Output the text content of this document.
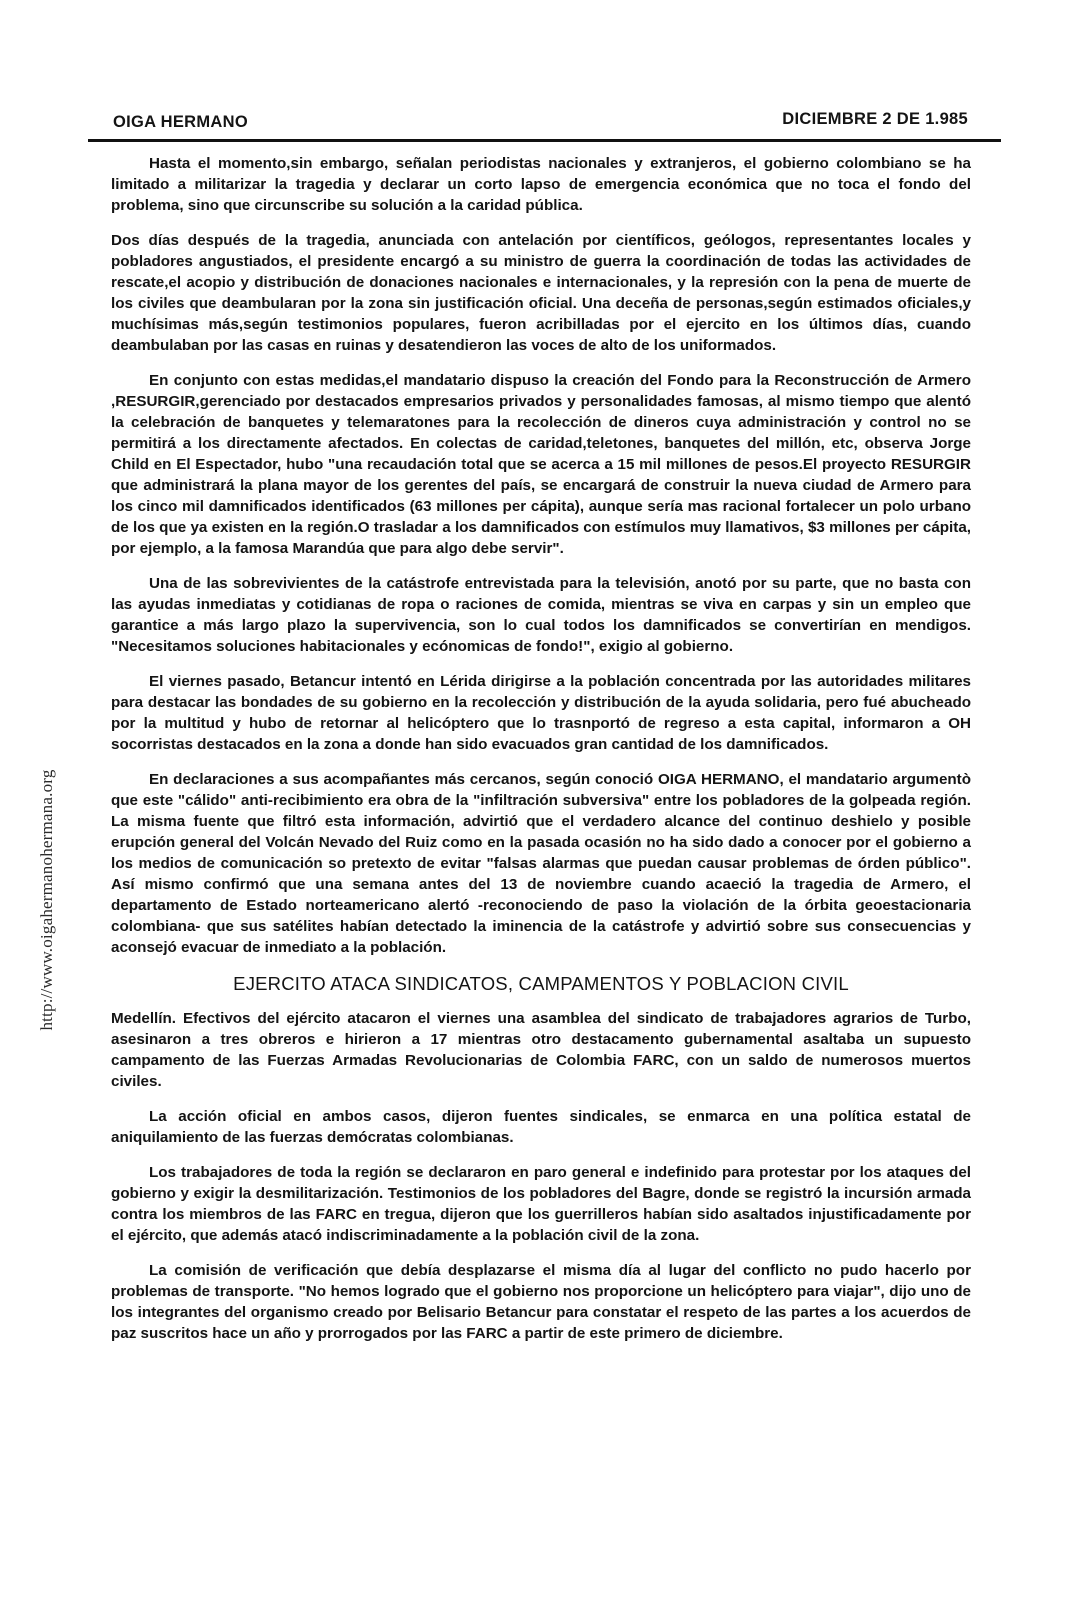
http://www.oigahermanohermana.org
OIGA HERMANO	DICIEMBRE 2 DE 1.985

Hasta el momento,sin embargo, señalan periodistas nacionales y extranjeros, el gobierno colombiano se ha limitado a militarizar la tragedia y declarar un corto lapso de emergencia económica que no toca el fondo del problema, sino que circunscribe su solución a la caridad pública.

Dos días después de la tragedia, anunciada con antelación por científicos, geólogos, representantes locales y pobladores angustiados, el presidente encargó a su ministro de guerra la coordinación de todas las actividades de rescate,el acopio y distribución de donaciones nacionales e internacionales, y la represión con la pena de muerte de los civiles que deambularan por la zona sin justificación oficial. Una deceña de personas,según estimados oficiales,y muchísimas más,según testimonios populares, fueron acribilladas por el ejercito en los últimos días, cuando deambulaban por las casas en ruinas y desatendieron las voces de alto de los uniformados.

En conjunto con estas medidas,el mandatario dispuso la creación del Fondo para la Reconstrucción de Armero ,RESURGIR,gerenciado por destacados empresarios privados y personalidades famosas, al mismo tiempo que alentó la celebración de banquetes y telemaratones para la recolección de dineros cuya administración y control no se permitirá a los directamente afectados. En colectas de caridad,teletones, banquetes del millón, etc, observa Jorge Child en El Espectador, hubo "una recaudación total que se acerca a 15 mil millones de pesos.El proyecto RESURGIR que administrará la plana mayor de los gerentes del país, se encargará de construir la nueva ciudad de Armero para los cinco mil damnificados identificados (63 millones per cápita), aunque sería mas racional fortalecer un polo urbano de los que ya existen en la región.O trasladar a los damnificados con estímulos muy llamativos, $3 millones per cápita, por ejemplo, a la famosa Marandúa que para algo debe servir".

Una de las sobrevivientes de la catástrofe entrevistada para la televisión, anotó por su parte, que no basta con las ayudas inmediatas y cotidianas de ropa o raciones de comida, mientras se viva en carpas y sin un empleo que garantice a más largo plazo la supervivencia, son lo cual todos los damnificados se convertirían en mendigos. "Necesitamos soluciones habitacionales y ecónomicas de fondo!", exigio al gobierno.

El viernes pasado, Betancur intentó en Lérida dirigirse a la población concentrada por las autoridades militares para destacar las bondades de su gobierno en la recolección y distribución de la ayuda solidaria, pero fué abucheado por la multitud y hubo de retornar al helicóptero que lo trasnportó de regreso a esta capital, informaron a OH socorristas destacados en la zona a donde han sido evacuados gran cantidad de los damnificados.

En declaraciones a sus acompañantes más cercanos, según conoció OIGA HERMANO, el mandatario argumentò que este "cálido" anti-recibimiento era obra de la "infiltración subversiva" entre los pobladores de la golpeada región. La misma fuente que filtró esta información, advirtió que el verdadero alcance del continuo deshielo y posible erupción general del Volcán Nevado del Ruiz como en la pasada ocasión no ha sido dado a conocer por el gobierno a los medios de comunicación so pretexto de evitar "falsas alarmas que puedan causar problemas de órden público". Así mismo confirmó que una semana antes del 13 de noviembre cuando acaeció la tragedia de Armero, el departamento de Estado norteamericano alertó -reconociendo de paso la violación de la órbita geoestacionaria colombiana- que sus satélites habían detectado la iminencia de la catástrofe y advirtió sobre sus consecuencias y aconsejó evacuar de inmediato a la población.

EJERCITO ATACA SINDICATOS, CAMPAMENTOS Y POBLACION CIVIL

Medellín. Efectivos del ejército atacaron el viernes una asamblea del sindicato de trabajadores agrarios de Turbo, asesinaron a tres obreros e hirieron a 17 mientras otro destacamento gubernamental asaltaba un supuesto campamento de las Fuerzas Armadas Revolucionarias de Colombia FARC, con un saldo de numerosos muertos civiles.

La acción oficial en ambos casos, dijeron fuentes sindicales, se enmarca en una política estatal de aniquilamiento de las fuerzas demócratas colombianas.

Los trabajadores de toda la región se declararon en paro general e indefinido para protestar por los ataques del gobierno y exigir la desmilitarización. Testimonios de los pobladores del Bagre, donde se registró la incursión armada contra los miembros de las FARC en tregua, dijeron que los guerrilleros habían sido asaltados injustificadamente por el ejército, que además atacó indiscriminadamente a la población civil de la zona.

La comisión de verificación que debía desplazarse el misma día al lugar del conflicto no pudo hacerlo por problemas de transporte. "No hemos logrado que el gobierno nos proporcione un helicóptero para viajar", dijo uno de los integrantes del organismo creado por Belisario Betancur para constatar el respeto de las partes a los acuerdos de paz suscritos hace un año y prorrogados por las FARC a partir de este primero de diciembre.
